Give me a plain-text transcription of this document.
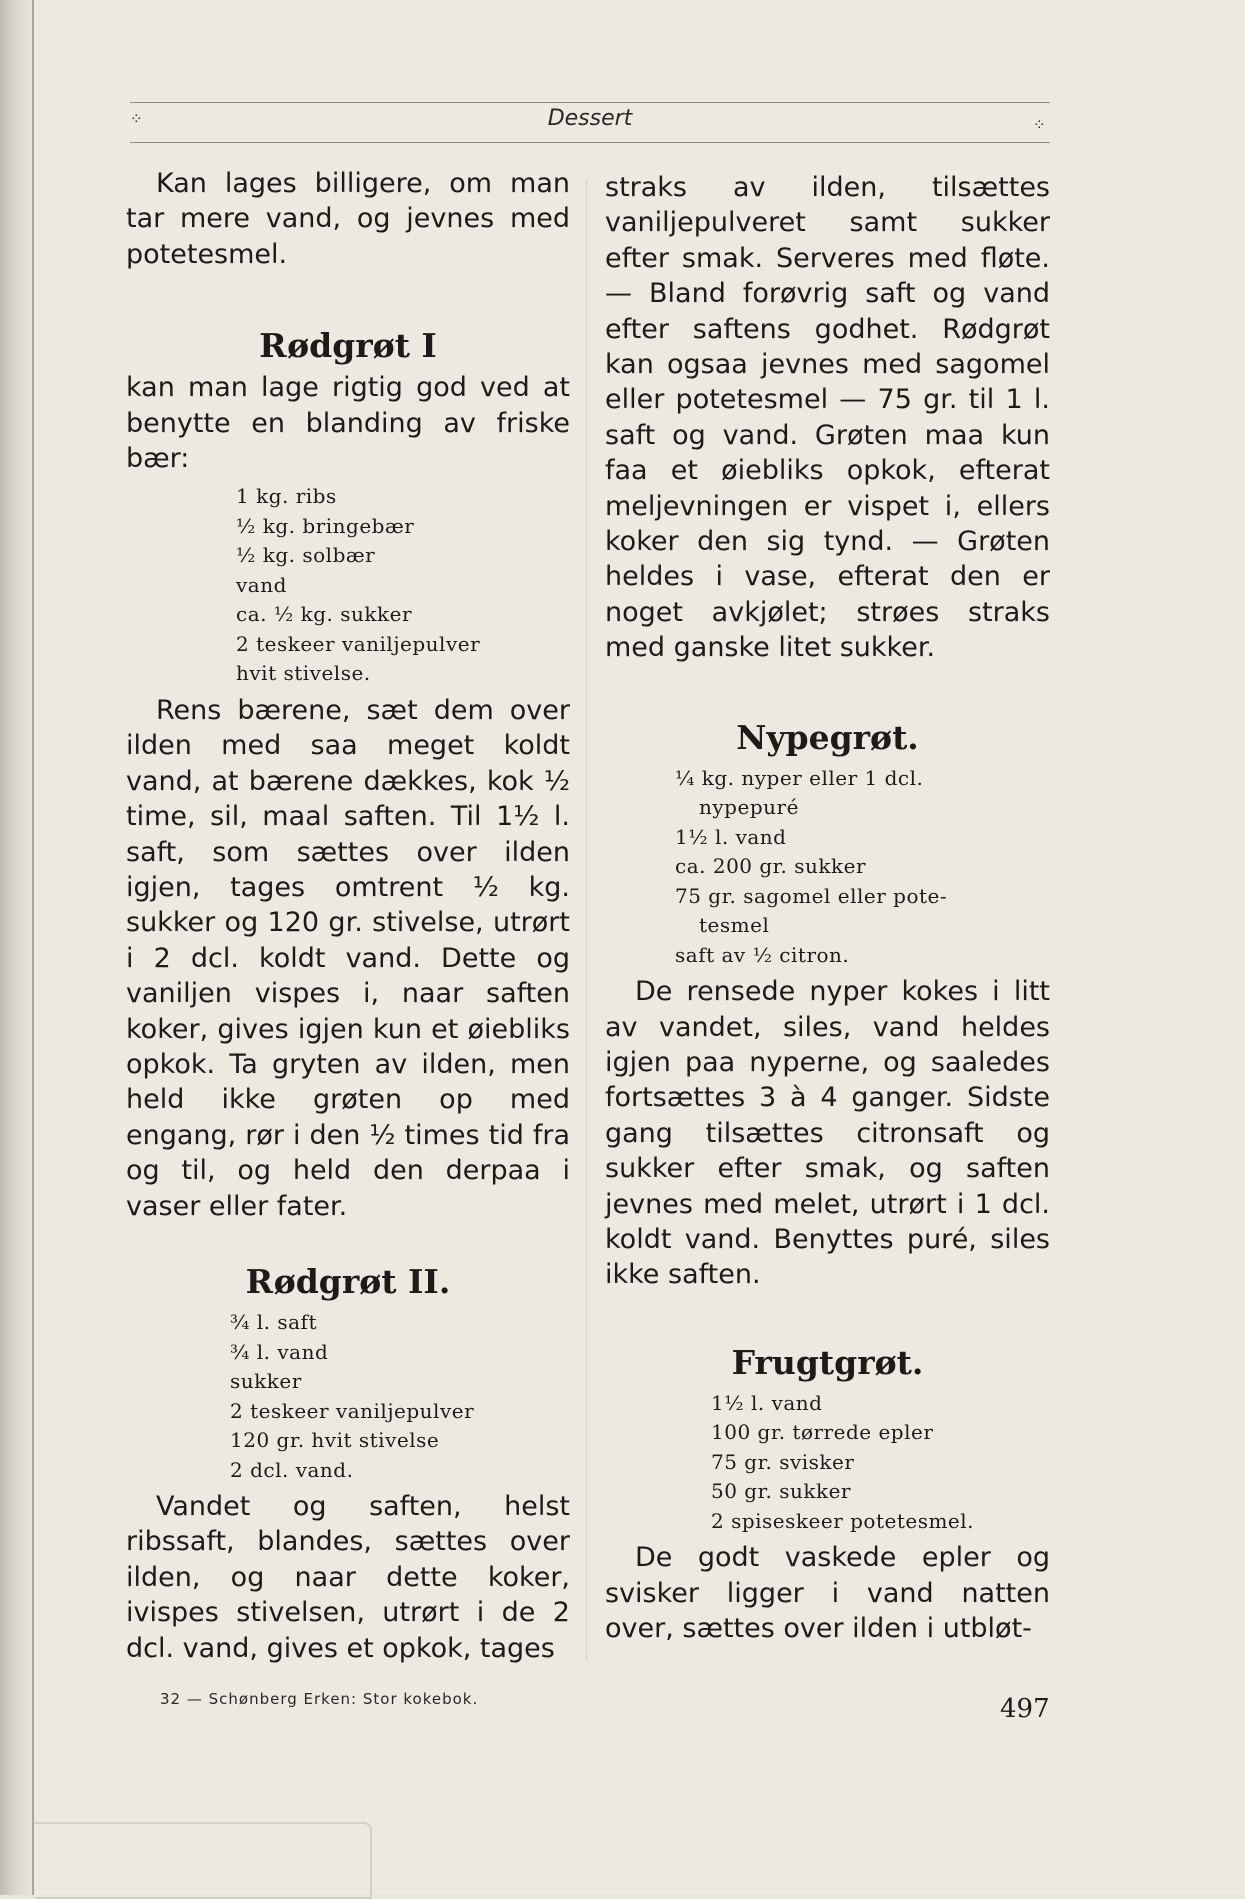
⁘	Dessert	⁘

Kan lages billigere, om man tar mere vand, og jevnes med potetesmel.

Rødgrøt I

kan man lage rigtig god ved at benytte en blanding av friske bær:

1 kg. ribs
½ kg. bringebær
½ kg. solbær
vand
ca. ½ kg. sukker
2 teskeer vaniljepulver
hvit stivelse.

Rens bærene, sæt dem over ilden med saa meget koldt vand, at bærene dækkes, kok ½ time, sil, maal saften. Til 1½ l. saft, som sættes over ilden igjen, tages omtrent ½ kg. sukker og 120 gr. stivelse, utrørt i 2 dcl. koldt vand. Dette og vaniljen vispes i, naar saften koker, gives igjen kun et øiebliks opkok. Ta gryten av ilden, men held ikke grøten op med engang, rør i den ½ times tid fra og til, og held den derpaa i vaser eller fater.

Rødgrøt II.
¾ l. saft
¾ l. vand
sukker
2 teskeer vaniljepulver
120 gr. hvit stivelse
2 dcl. vand.

Vandet og saften, helst ribssaft, blandes, sættes over ilden, og naar dette koker, ivispes stivelsen, utrørt i de 2 dcl. vand, gives et opkok, tages

straks av ilden, tilsættes vaniljepulveret samt sukker efter smak. Serveres med fløte. — Bland forøvrig saft og vand efter saftens godhet. Rødgrøt kan ogsaa jevnes med sagomel eller potetesmel — 75 gr. til 1 l. saft og vand. Grøten maa kun faa et øiebliks opkok, efterat meljevningen er vispet i, ellers koker den sig tynd. — Grøten heldes i vase, efterat den er noget avkjølet; strøes straks med ganske litet sukker.

Nypegrøt.
¼ kg. nyper eller 1 dcl.
nypepuré
1½ l. vand
ca. 200 gr. sukker
75 gr. sagomel eller pote-
tesmel
saft av ½ citron.

De rensede nyper kokes i litt av vandet, siles, vand heldes igjen paa nyperne, og saaledes fortsættes 3 à 4 ganger. Sidste gang tilsættes citronsaft og sukker efter smak, og saften jevnes med melet, utrørt i 1 dcl. koldt vand. Benyttes puré, siles ikke saften.

Frugtgrøt.
1½ l. vand
100 gr. tørrede epler
75 gr. svisker
50 gr. sukker
2 spiseskeer potetesmel.

De godt vaskede epler og svisker ligger i vand natten over, sættes over ilden i utbløt-

32 — Schønberg Erken: Stor kokebok.	497
